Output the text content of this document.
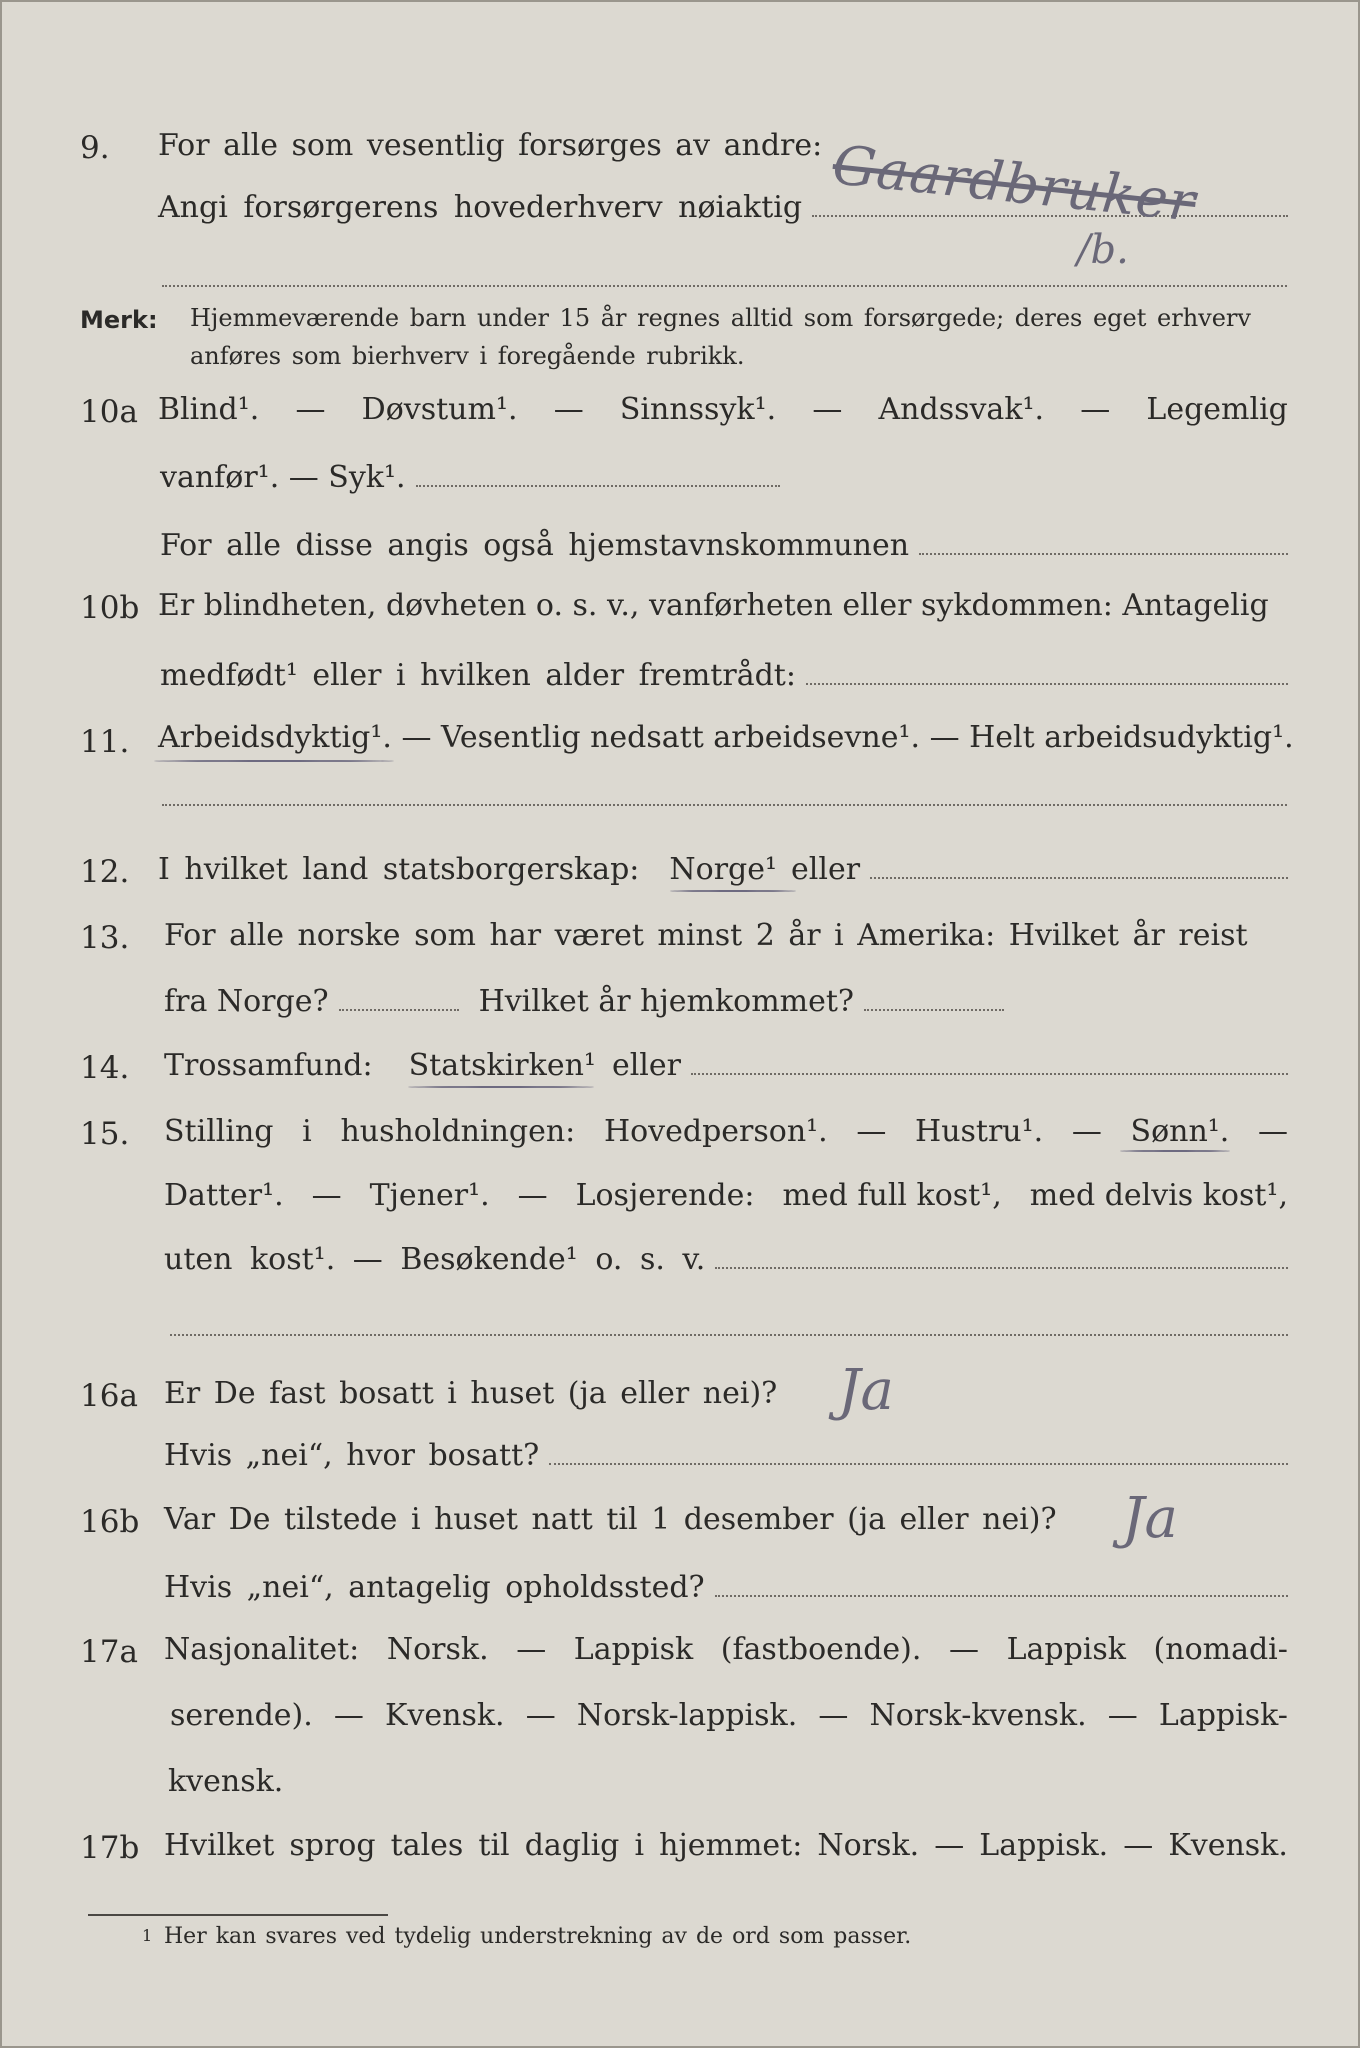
9. For alle som vesentlig forsørges av andre:
Angi forsørgerens hovederhverv nøiaktig Gaardbruker
/b.
Merk: Hjemmeværende barn under 15 år regnes alltid som forsørgede; deres eget erhverv
anføres som bierhverv i foregående rubrikk.
10a Blind¹. — Døvstum¹. — Sinnssyk¹. — Andssvak¹. — Legemlig
vanfør¹. — Syk¹.
For alle disse angis også hjemstavnskommunen
10b Er blindheten, døvheten o. s. v., vanførheten eller sykdommen: Antagelig
medfødt¹ eller i hvilken alder fremtrådt:
11. Arbeidsdyktig¹. — Vesentlig nedsatt arbeidsevne¹. — Helt arbeidsudyktig¹.
12. I hvilket land statsborgerskap: Norge¹ eller
13. For alle norske som har været minst 2 år i Amerika: Hvilket år reist
fra Norge?	Hvilket år hjemkommet?
14. Trossamfund: Statskirken¹ eller
15. Stilling i husholdningen: Hovedperson¹. — Hustru¹. — Sønn¹. —
Datter¹. — Tjener¹. — Losjerende: med full kost¹, med delvis kost¹,
uten kost¹. — Besøkende¹ o. s. v.
16a Er De fast bosatt i huset (ja eller nei)? Ja
Hvis „nei“, hvor bosatt?
16b Var De tilstede i huset natt til 1 desember (ja eller nei)? Ja
Hvis „nei“, antagelig opholdssted?
17a Nasjonalitet: Norsk. — Lappisk (fastboende). — Lappisk (nomadi-
serende). — Kvensk. — Norsk-lappisk. — Norsk-kvensk. — Lappisk-
kvensk.
17b Hvilket sprog tales til daglig i hjemmet: Norsk. — Lappisk. — Kvensk.
1 Her kan svares ved tydelig understrekning av de ord som passer.
